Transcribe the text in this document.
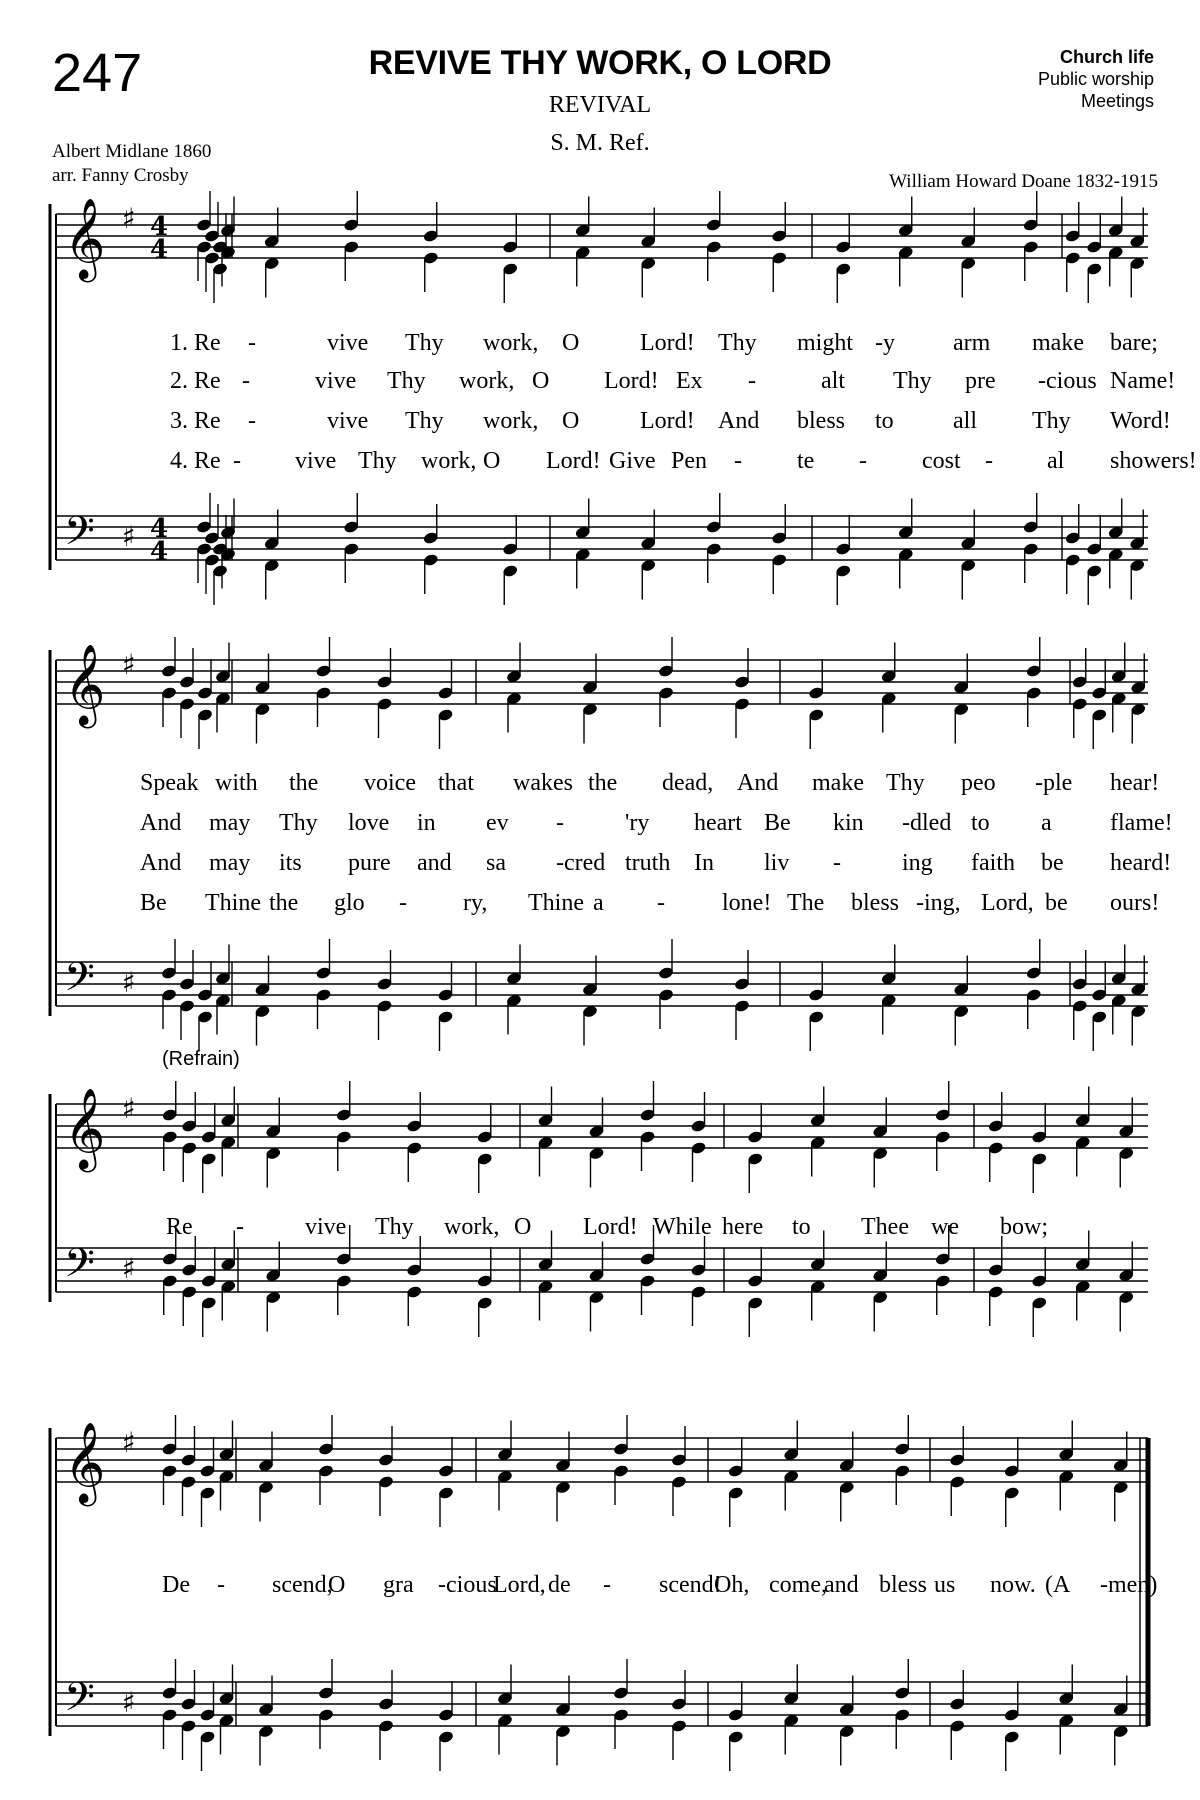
247	REVIVE THY WORK, O LORD
REVIVAL
S. M. Ref.
Church life
Public worship
Meetings
Albert Midlane 1860
arr. Fanny Crosby	William Howard Doane 1832-1915
4
4
4
4
𝄞 ♯
𝄢 ♯
𝄞 ♯
𝄢 ♯
𝄞 ♯
𝄢 ♯
𝄞 ♯
𝄢 ♯
1. Re -	vive Thy work, O	Lord! Thy might -y arm make bare;
Speak with the voice that wakes the dead, And make Thy peo -ple hear!
2. Re -	vive Thy work, O Lord! Ex -	alt Thy pre -cious Name!
And may Thy love in ev -	'ry heart Be kin -dled to a flame!
3. Re -	vive Thy work, O	Lord! And bless to all Thy Word!
And may its pure and sa -cred truth In liv -	ing faith be heard!
4. Re - vive Thy work, O Lord! Give Pen - te - cost - al showers!
Be Thine the glo - ry, Thine a - lone! The bless -ing, Lord, be ours!
Re -	vive Thy work, O Lord! While here to Thee we bow;
De - scend,
O gra -cious
Lord, de - scend!
Oh, come,
and bless us now. (A -men)
(Refrain)
